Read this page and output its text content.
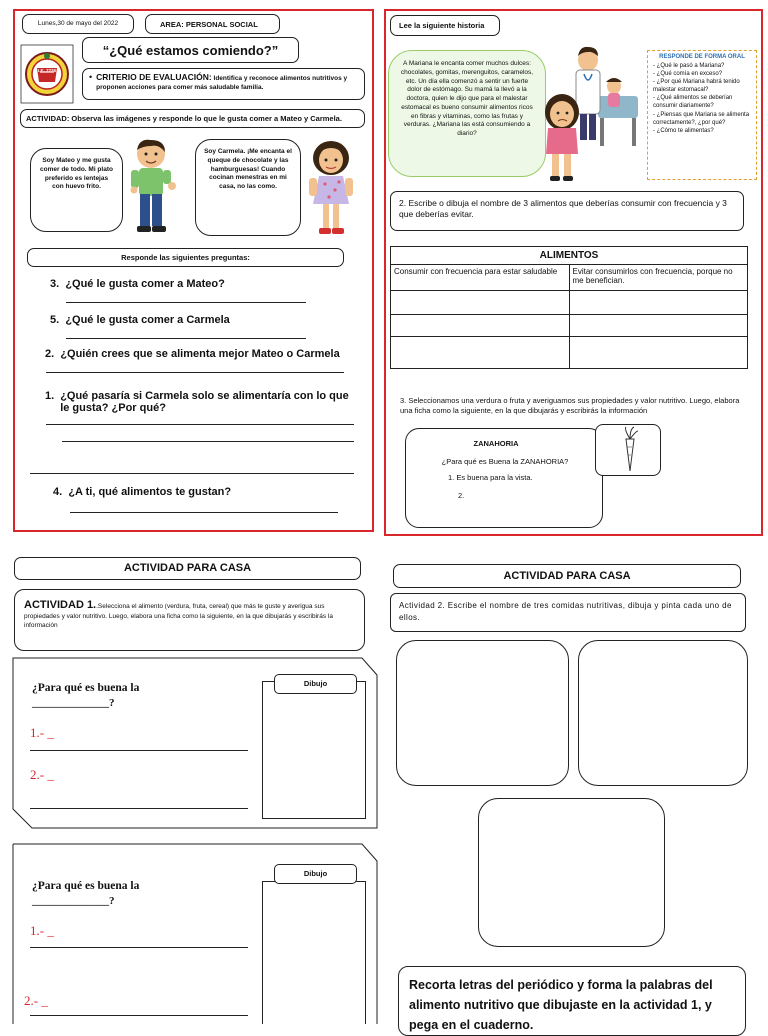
Lunes,30 de mayo del 2022	AREA: PERSONAL SOCIAL
I.E. 7226
“¿Qué estamos comiendo?”
• CRITERIO DE EVALUACIÓN: Identifica y reconoce alimentos nutritivos y proponen acciones para comer más saludable familia.
ACTIVIDAD: Observa las imágenes y responde lo que le gusta comer a Mateo y Carmela.
Soy Mateo y me gusta comer de todo. Mi plato preferido es lentejas con huevo frito.
Soy Carmela. ¡Me encanta el queque de chocolate y las hamburguesas! Cuando cocinan menestras en mi casa, no las como.
Responde las siguientes preguntas:
3. ¿Qué le gusta comer a Mateo?
5. ¿Qué le gusta comer a Carmela
2. ¿Quién crees que se alimenta mejor Mateo o Carmela
1. ¿Qué pasaría si Carmela solo se alimentaría con lo que le gusta? ¿Por qué?
4. ¿A ti, qué alimentos te gustan?
Lee la siguiente historia
A Mariana le encanta comer muchos dulces: chocolates, gomitas, merenguitos, caramelos, etc. Un día ella comenzó a sentir un fuerte dolor de estómago. Su mamá la llevó a la doctora, quien le dijo que para el malestar estomacal es bueno consumir alimentos ricos en fibras y vitaminas, como las frutas y verduras. ¿Mariana las está consumiendo a diario?
RESPONDE DE FORMA ORAL
- ¿Qué le pasó a Mariana?
- ¿Qué comía en exceso?
- ¿Por qué Mariana habrá tenido malestar estomacal?
- ¿Qué alimentos se deberían consumir diariamente?
- ¿Piensas que Mariana se alimenta correctamente?, ¿por qué?
- ¿Cómo te alimentas?
2. Escribe o dibuja el nombre de 3 alimentos que deberías consumir con frecuencia y 3 que deberías evitar.
ALIMENTOS	
Consumir con frecuencia para estar saludable	Evitar consumirlos con frecuencia, porque no me benefician.

3. Seleccionamos una verdura o fruta y averiguamos sus propiedades y valor nutritivo. Luego, elabora una ficha como la siguiente, en la que dibujarás y escribirás la información
ZANAHORIA
¿Para qué es Buena la ZANAHORIA?
1. Es buena para la vista.
2.
ACTIVIDAD PARA CASA
ACTIVIDAD 1..Selecciona el alimento (verdura, fruta, cereal) que más te guste y averigua sus propiedades y valor nutritivo. Luego, elabora una ficha como la siguiente, en la que dibujarás y escribirás la información
¿Para qué es buena la
______________?
1.- _
2.- _
Dibujo
¿Para qué es buena la
______________?
1.- _
2.- _
Dibujo
ACTIVIDAD PARA CASA
Actividad 2. Escribe el nombre de tres comidas nutritivas, dibuja y pinta cada uno de ellos.
Recorta letras del periódico y forma la palabras del alimento nutritivo que dibujaste en la actividad 1, y pega en el cuaderno.
